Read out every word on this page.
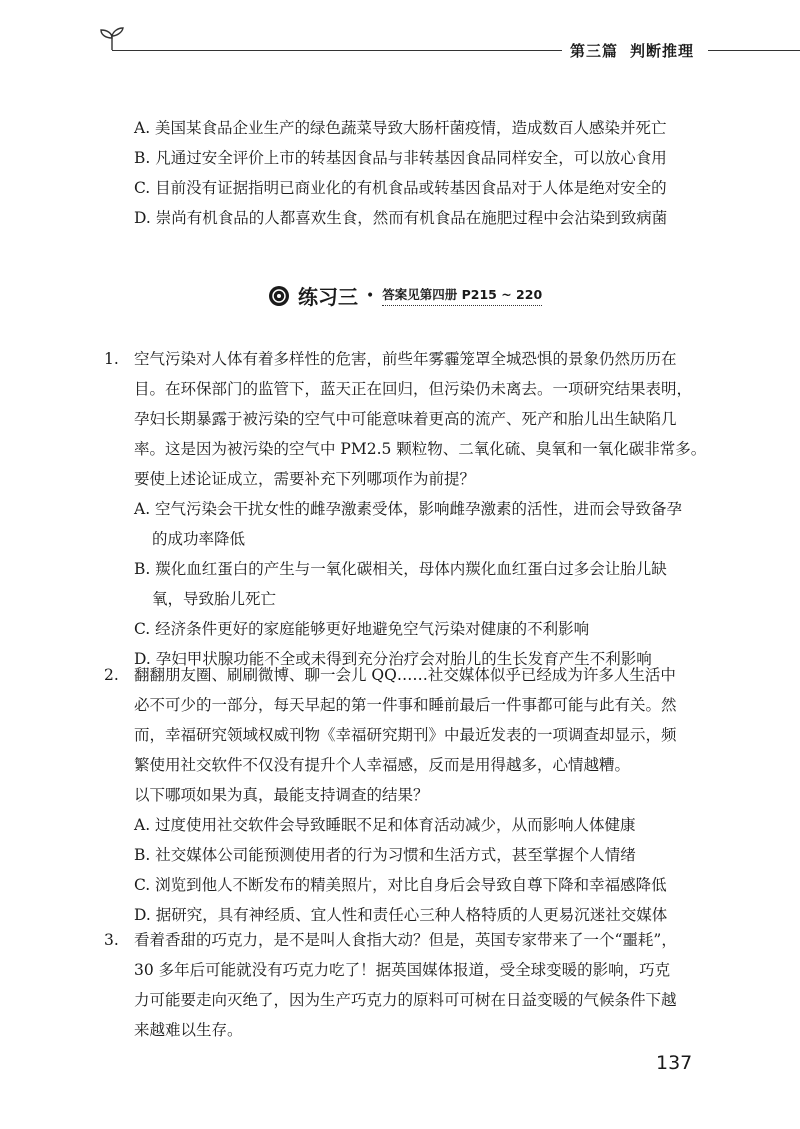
第三篇 判断推理
A. 美国某食品企业生产的绿色蔬菜导致大肠杆菌疫情，造成数百人感染并死亡
B. 凡通过安全评价上市的转基因食品与非转基因食品同样安全，可以放心食用
C. 目前没有证据指明已商业化的有机食品或转基因食品对于人体是绝对安全的
D. 崇尚有机食品的人都喜欢生食，然而有机食品在施肥过程中会沾染到致病菌
练习三 • 答案见第四册 P215 ~ 220
1. 空气污染对人体有着多样性的危害，前些年雾霾笼罩全城恐惧的景象仍然历历在
目。在环保部门的监管下，蓝天正在回归，但污染仍未离去。一项研究结果表明，
孕妇长期暴露于被污染的空气中可能意味着更高的流产、死产和胎儿出生缺陷几
率。这是因为被污染的空气中 PM2.5 颗粒物、二氧化硫、臭氧和一氧化碳非常多。
要使上述论证成立，需要补充下列哪项作为前提？
A. 空气污染会干扰女性的雌孕激素受体，影响雌孕激素的活性，进而会导致备孕
的成功率降低
B. 羰化血红蛋白的产生与一氧化碳相关，母体内羰化血红蛋白过多会让胎儿缺
氧，导致胎儿死亡
C. 经济条件更好的家庭能够更好地避免空气污染对健康的不利影响
D. 孕妇甲状腺功能不全或未得到充分治疗会对胎儿的生长发育产生不利影响
2. 翻翻朋友圈、刷刷微博、聊一会儿 QQ……社交媒体似乎已经成为许多人生活中
必不可少的一部分，每天早起的第一件事和睡前最后一件事都可能与此有关。然
而，幸福研究领域权威刊物《幸福研究期刊》中最近发表的一项调查却显示，频
繁使用社交软件不仅没有提升个人幸福感，反而是用得越多，心情越糟。
以下哪项如果为真，最能支持调查的结果？
A. 过度使用社交软件会导致睡眠不足和体育活动减少，从而影响人体健康
B. 社交媒体公司能预测使用者的行为习惯和生活方式，甚至掌握个人情绪
C. 浏览到他人不断发布的精美照片，对比自身后会导致自尊下降和幸福感降低
D. 据研究，具有神经质、宜人性和责任心三种人格特质的人更易沉迷社交媒体
3. 看着香甜的巧克力，是不是叫人食指大动？但是，英国专家带来了一个“噩耗”，
30 多年后可能就没有巧克力吃了！据英国媒体报道，受全球变暖的影响，巧克
力可能要走向灭绝了，因为生产巧克力的原料可可树在日益变暖的气候条件下越
来越难以生存。
137
